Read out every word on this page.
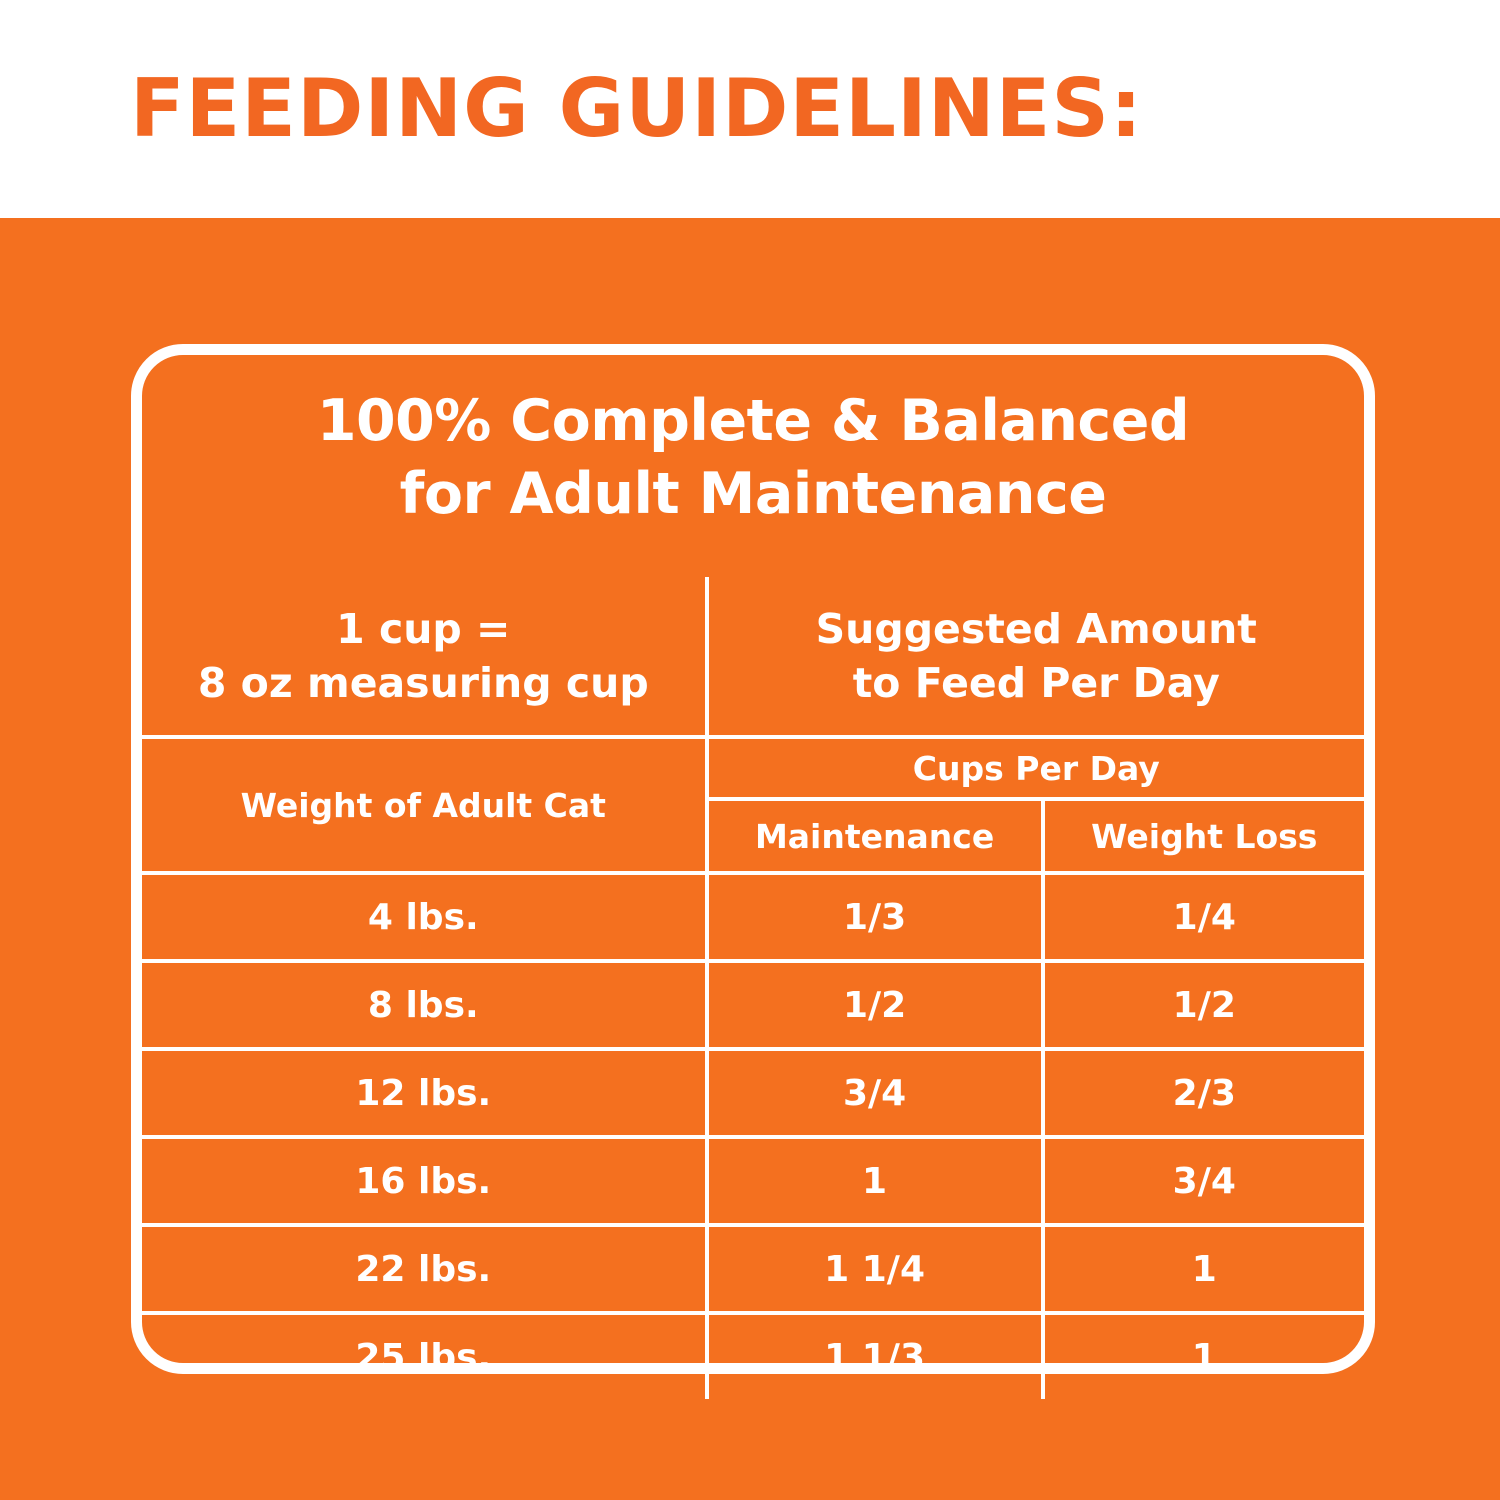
FEEDING GUIDELINES:
100% Complete & Balanced
for Adult Maintenance
1 cup =
8 oz measuring cup

Suggested Amount
to Feed Per Day

Weight of Adult Cat	Cups Per Day	
	Maintenance	Weight Loss
4 lbs.	1/3	1/4
8 lbs.	1/2	1/2
12 lbs.	3/4	2/3
16 lbs.	1	3/4
22 lbs.	1 1/4	1
25 lbs.	1 1/3	1
